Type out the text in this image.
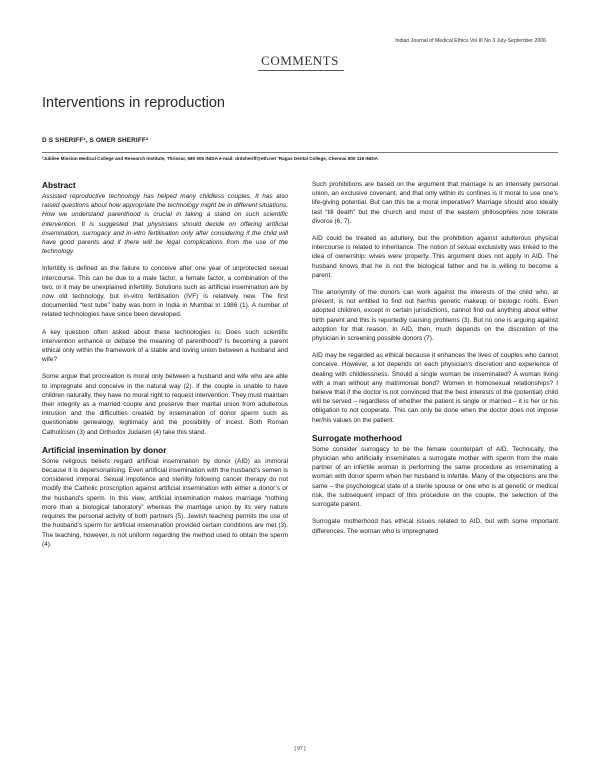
Indian Journal of Medical Ethics Vol III No 3 July-September 2006
COMMENTS
Interventions in reproduction
D S SHERIFF¹, S OMER SHERIFF²
¹Jubilee Mission Medical College and Research Institute, Thrissur, 680 005 INDIA e-mail: drdsheriff@eth.net ²Ragas Dental College, Chennai 600 119 INDIA
Abstract

Assisted reproductive technology has helped many childless couples. It has also raised questions about how appropriate the technology might be in different situations. How we understand parenthood is crucial in taking a stand on such scientific intervention. It is suggested that physicians should decide on offering artificial insemination, surrogacy and in-vitro fertilisation only after considering if the child will have good parents and if there will be legal complications from the use of the technology.

Infertility is defined as the failure to conceive after one year of unprotected sexual intercourse. This can be due to a male factor, a female factor, a combination of the two, or it may be unexplained infertility. Solutions such as artificial insemination are by now old technology, but in-vitro fertilisation (IVF) is relatively new. The first documented “test tube” baby was born in India in Mumbai in 1986 (1). A number of related technologies have since been developed.

A key question often asked about these technologies is: Does such scientific intervention enhance or debase the meaning of parenthood? Is becoming a parent ethical only within the framework of a stable and loving union between a husband and wife?

Some argue that procreation is moral only between a husband and wife who are able to impregnate and conceive in the natural way (2). If the couple is unable to have children naturally, they have no moral right to request intervention. They must maintain their integrity as a married couple and preserve their marital union from adulterous intrusion and the difficulties created by insemination of donor sperm such as questionable genealogy, legitimacy and the possibility of incest. Both Roman Catholicism (3) and Orthodox Judaism (4) take this stand.

Artificial insemination by donor

Some religious beliefs regard artificial insemination by donor (AID) as immoral because it is depersonalising. Even artificial insemination with the husband’s semen is considered immoral. Sexual impotence and sterility following cancer therapy do not modify the Catholic proscription against artificial insemination with either a donor’s or the husband’s sperm. In this view, artificial insemination makes marriage “nothing more than a biological laboratory” whereas the marriage union by its very nature requires the personal activity of both partners (5). Jewish teaching permits the use of the husband’s sperm for artificial insemination provided certain conditions are met (3). The teaching, however, is not uniform regarding the method used to obtain the sperm (4).

Such prohibitions are based on the argument that marriage is an intensely personal union, an exclusive covenant, and that only within its confines is it moral to use one’s life-giving potential. But can this be a moral imperative? Marriage should also ideally last “till death” but the church and most of the eastern philosophies now tolerate divorce (6, 7).

AID could be treated as adultery, but the prohibition against adulterous physical intercourse is related to inheritance. The notion of sexual exclusivity was linked to the idea of ownership: wives were property. This argument does not apply in AID. The husband knows that he is not the biological father and he is willing to become a parent.

The anonymity of the donors can work against the interests of the child who, at present, is not entitled to find out her/his genetic makeup or biologic roots. Even adopted children, except in certain jurisdictions, cannot find out anything about either birth parent and this is reportedly causing problems (3). But no one is arguing against adoption for that reason. In AID, then, much depends on the discretion of the physician in screening possible donors (7).

AID may be regarded as ethical because it enhances the lives of couples who cannot conceive. However, a lot depends on each physician’s discretion and experience of dealing with childlessness. Should a single woman be inseminated? A woman living with a man without any matrimonial bond? Women in homosexual relationships? I believe that if the doctor is not convinced that the best interests of the (potential) child will be served – regardless of whether the patient is single or married – it is her or his obligation to not cooperate. This can only be done when the doctor does not impose her/his values on the patient.

Surrogate motherhood

Some consider surrogacy to be the female counterpart of AID. Technically, the physician who artificially inseminates a surrogate mother with sperm from the male partner of an infertile woman is performing the same procedure as inseminating a woman with donor sperm when her husband is infertile. Many of the objections are the same – the psychological state of a sterile spouse or one who is at genetic or medical risk, the subsequent impact of this procedure on the couple, the selection of the surrogate parent.

Surrogate motherhood has ethical issues related to AID, but with some important differences. The woman who is impregnated

[ 97 ]
